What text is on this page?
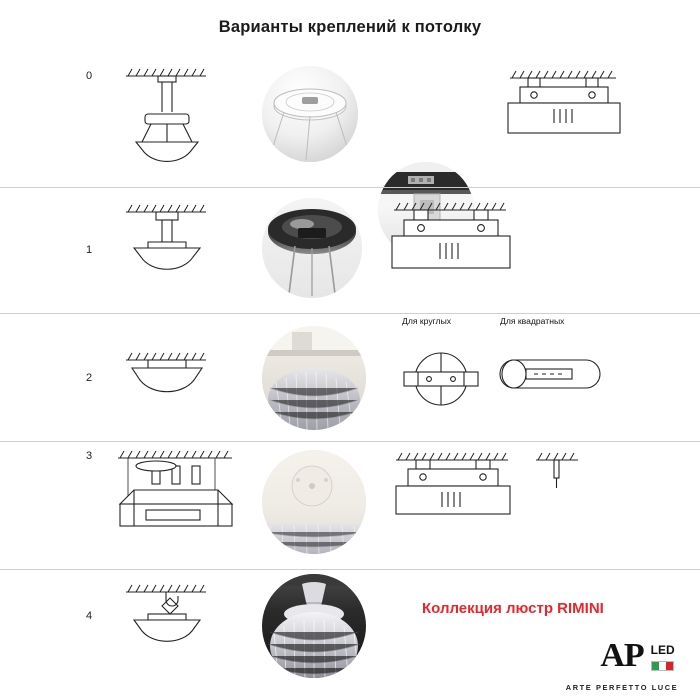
Варианты креплений к потолку
0
1
2
Для круглых	Для квадратных
3
4	Коллекция люстр RIMINI
AP LED
ARTE PERFETTO LUCE
